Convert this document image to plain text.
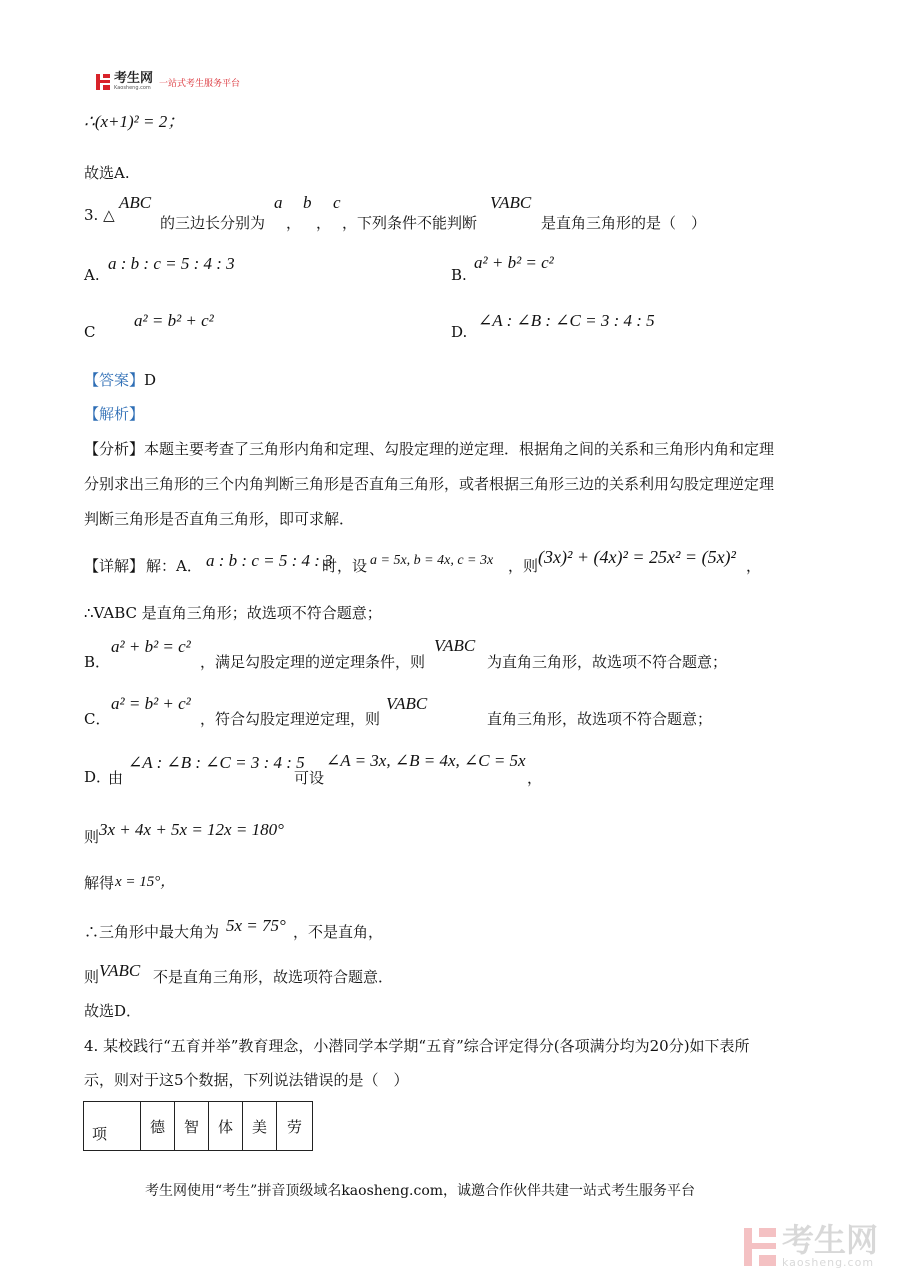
考生网
Kaosheng.com 一站式考生服务平台
∴(x+1)² = 2；
故选A.
3. △
ABC
的三边长分别为
a
，
b
，
c
，下列条件不能判断
VABC
是直角三角形的是（　）
A.
a : b : c = 5 : 4 : 3
B.
a² + b² = c²
C
a² = b² + c²
D.
∠A : ∠B : ∠C = 3 : 4 : 5
【答案】D
【解析】
【分析】本题主要考查了三角形内角和定理、勾股定理的逆定理．根据角之间的关系和三角形内角和定理
分别求出三角形的三个内角判断三角形是否直角三角形，或者根据三角形三边的关系利用勾股定理逆定理
判断三角形是否直角三角形，即可求解．
【详解】 解：A． a : b : c = 5 : 4 : 3
时，设 a = 5x, b = 4x, c = 3x ，则 (3x)² + (4x)² = 25x² = (5x)² ，
∴VABC 是直角三角形；故选项不符合题意；
B．
a² + b² = c²
，满足勾股定理的逆定理条件，则
VABC
为直角三角形，故选项不符合题意；
C．
a² = b² + c²
，符合勾股定理逆定理，则
VABC
直角三角形，故选项不符合题意；
D．
由
∠A : ∠B : ∠C = 3 : 4 : 5
可设
∠A = 3x, ∠B = 4x, ∠C = 5x
，
则 3x + 4x + 5x = 12x = 180°
解得 x = 15°，
∴三角形中最大角为 5x = 75° ，不是直角，
则 VABC 不是直角三角形，故选项符合题意．
故选D．
4. 某校践行“五育并举”教育理念，小潜同学本学期“五育”综合评定得分(各项满分均为20分)如下表所
示，则对于这5个数据，下列说法错误的是（　）
项	德	智	体	美	劳
考生网使用“考生”拼音顶级域名kaosheng.com，诚邀合作伙伴共建一站式考生服务平台
考生网
kaosheng.com
